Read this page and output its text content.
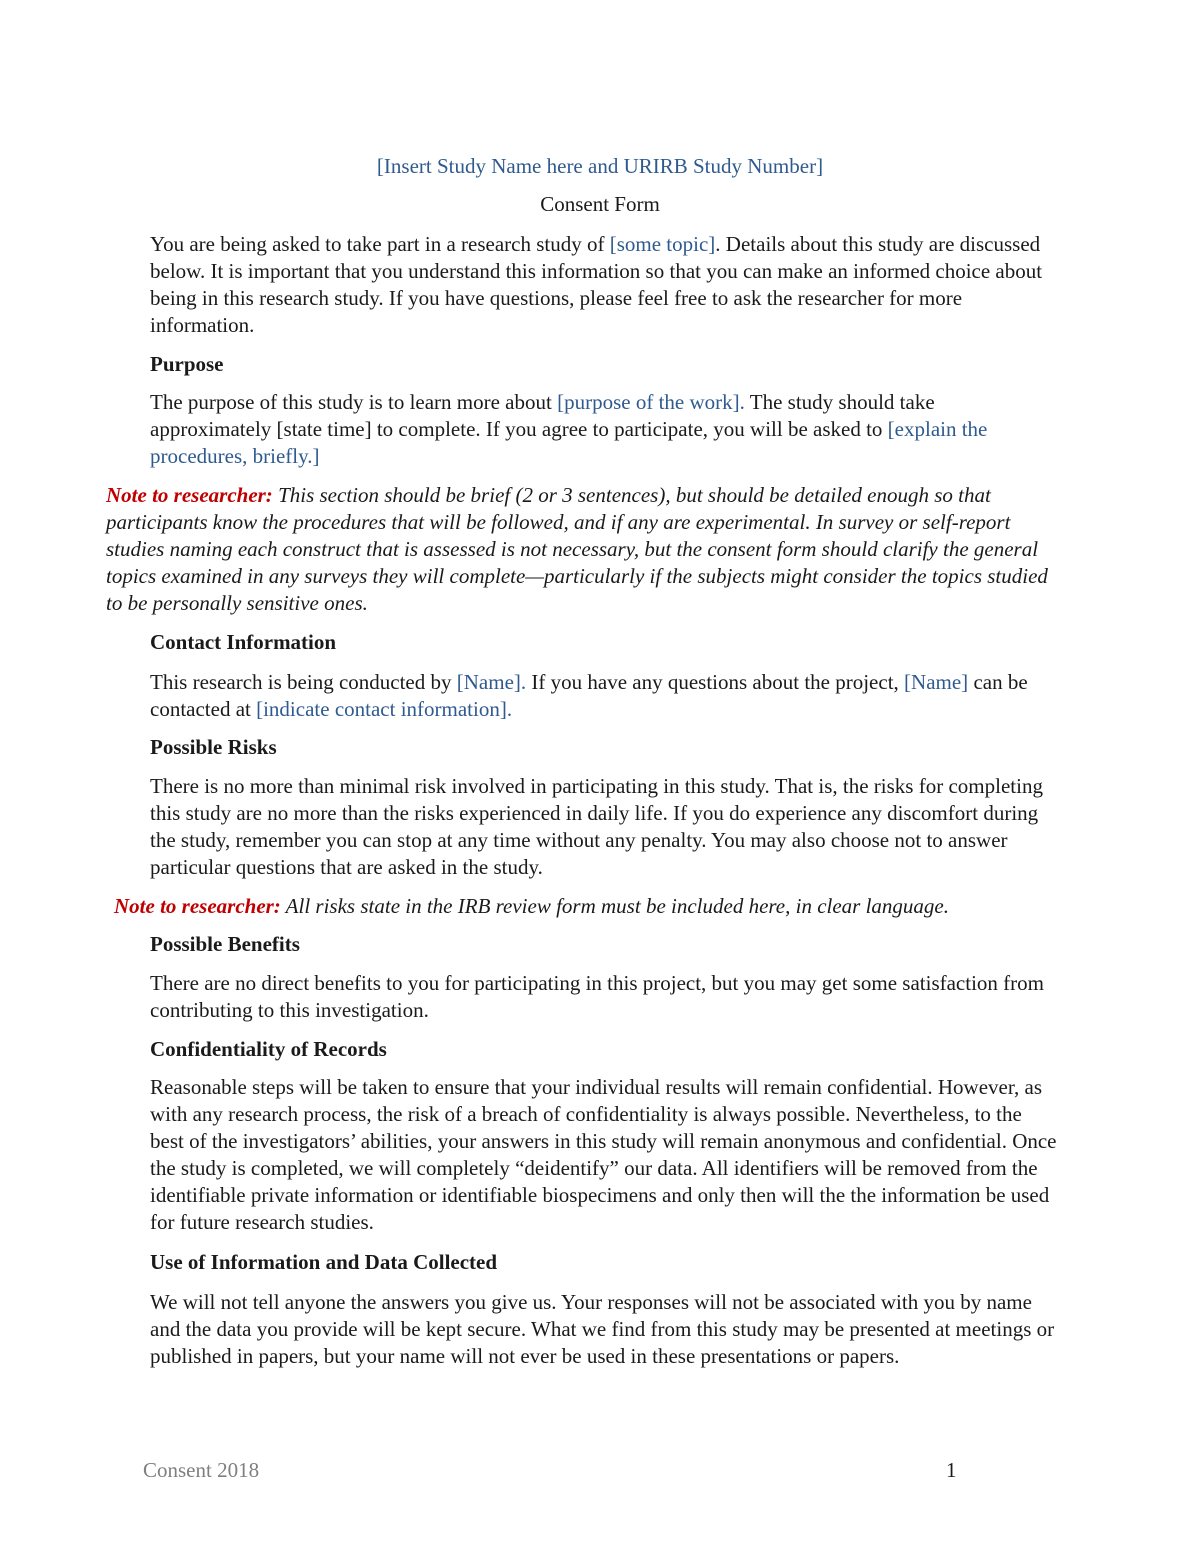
[Insert Study Name here and URIRB Study Number]

Consent Form

You are being asked to take part in a research study of [some topic]. Details about this study are discussed below. It is important that you understand this information so that you can make an informed choice about being in this research study. If you have questions, please feel free to ask the researcher for more information.

Purpose

The purpose of this study is to learn more about [purpose of the work]. The study should take approximately [state time] to complete. If you agree to participate, you will be asked to [explain the procedures, briefly.]

Note to researcher: This section should be brief (2 or 3 sentences), but should be detailed enough so that participants know the procedures that will be followed, and if any are experimental. In survey or self-report studies naming each construct that is assessed is not necessary, but the consent form should clarify the general topics examined in any surveys they will complete—particularly if the subjects might consider the topics studied to be personally sensitive ones.

Contact Information

This research is being conducted by [Name]. If you have any questions about the project, [Name] can be contacted at [indicate contact information].

Possible Risks

There is no more than minimal risk involved in participating in this study. That is, the risks for completing this study are no more than the risks experienced in daily life. If you do experience any discomfort during the study, remember you can stop at any time without any penalty. You may also choose not to answer particular questions that are asked in the study.

Note to researcher: All risks state in the IRB review form must be included here, in clear language.

Possible Benefits

There are no direct benefits to you for participating in this project, but you may get some satisfaction from contributing to this investigation.

Confidentiality of Records

Reasonable steps will be taken to ensure that your individual results will remain confidential. However, as with any research process, the risk of a breach of confidentiality is always possible. Nevertheless, to the best of the investigators’ abilities, your answers in this study will remain anonymous and confidential. Once the study is completed, we will completely “deidentify” our data. All identifiers will be removed from the identifiable private information or identifiable biospecimens and only then will the the information be used for future research studies.

Use of Information and Data Collected

We will not tell anyone the answers you give us. Your responses will not be associated with you by name and the data you provide will be kept secure. What we find from this study may be presented at meetings or published in papers, but your name will not ever be used in these presentations or papers.

Consent 2018	1
